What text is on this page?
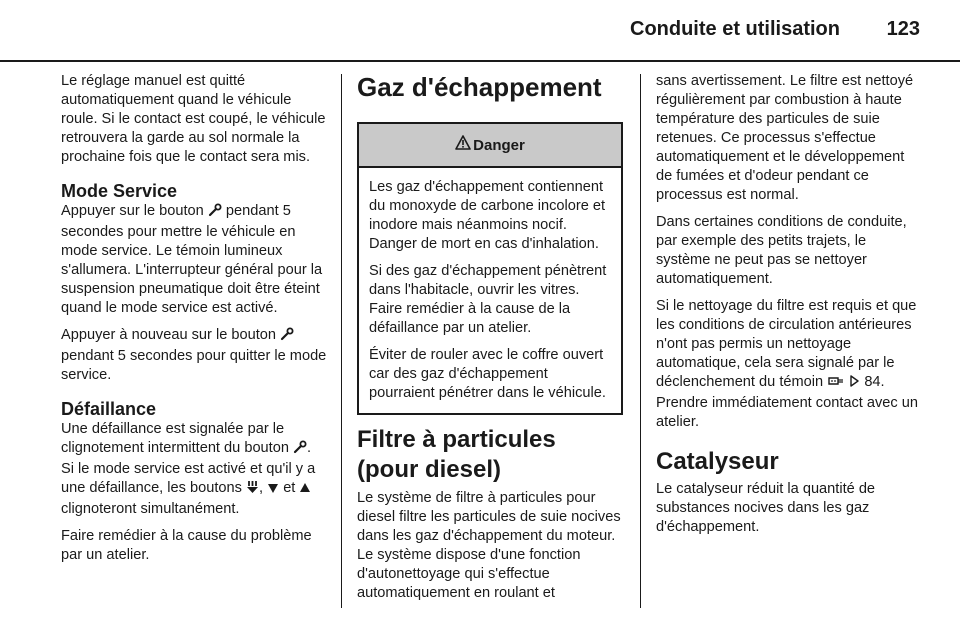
Conduite et utilisation 123

Le réglage manuel est quitté automatiquement quand le véhicule roule. Si le contact est coupé, le véhicule retrouvera la garde au sol normale la prochaine fois que le contact sera mis.

Mode Service

Appuyer sur le bouton pendant 5 secondes pour mettre le véhicule en mode service. Le témoin lumineux s'allumera. L'interrupteur général pour la suspension pneumatique doit être éteint quand le mode service est activé.

Appuyer à nouveau sur le bouton  pendant 5 secondes pour quitter le mode service.

Défaillance

Une défaillance est signalée par le clignotement intermittent du bouton . Si le mode service est activé et qu'il y a une défaillance, les boutons , et  clignoteront simultanément.

Faire remédier à la cause du problème par un atelier.

Gaz d'échappement
Danger

Les gaz d'échappement contiennent du monoxyde de carbone incolore et inodore mais néanmoins nocif. Danger de mort en cas d'inhalation.

Si des gaz d'échappement pénètrent dans l'habitacle, ouvrir les vitres. Faire remédier à la cause de la défaillance par un atelier.

Éviter de rouler avec le coffre ouvert car des gaz d'échappement pourraient pénétrer dans le véhicule.

Filtre à particules (pour diesel)

Le système de filtre à particules pour diesel filtre les particules de suie nocives dans les gaz d'échappement du moteur. Le système dispose d'une fonction d'autonettoyage qui s'effectue automatiquement en roulant et

sans avertissement. Le filtre est nettoyé régulièrement par combustion à haute température des particules de suie retenues. Ce processus s'effectue automatiquement et le développement de fumées et d'odeur pendant ce processus est normal.

Dans certaines conditions de conduite, par exemple des petits trajets, le système ne peut pas se nettoyer automatiquement.

Si le nettoyage du filtre est requis et que les conditions de circulation antérieures n'ont pas permis un nettoyage automatique, cela sera signalé par le déclenchement du témoin	84. Prendre immédiatement contact avec un atelier.

Catalyseur

Le catalyseur réduit la quantité de substances nocives dans les gaz d'échappement.
